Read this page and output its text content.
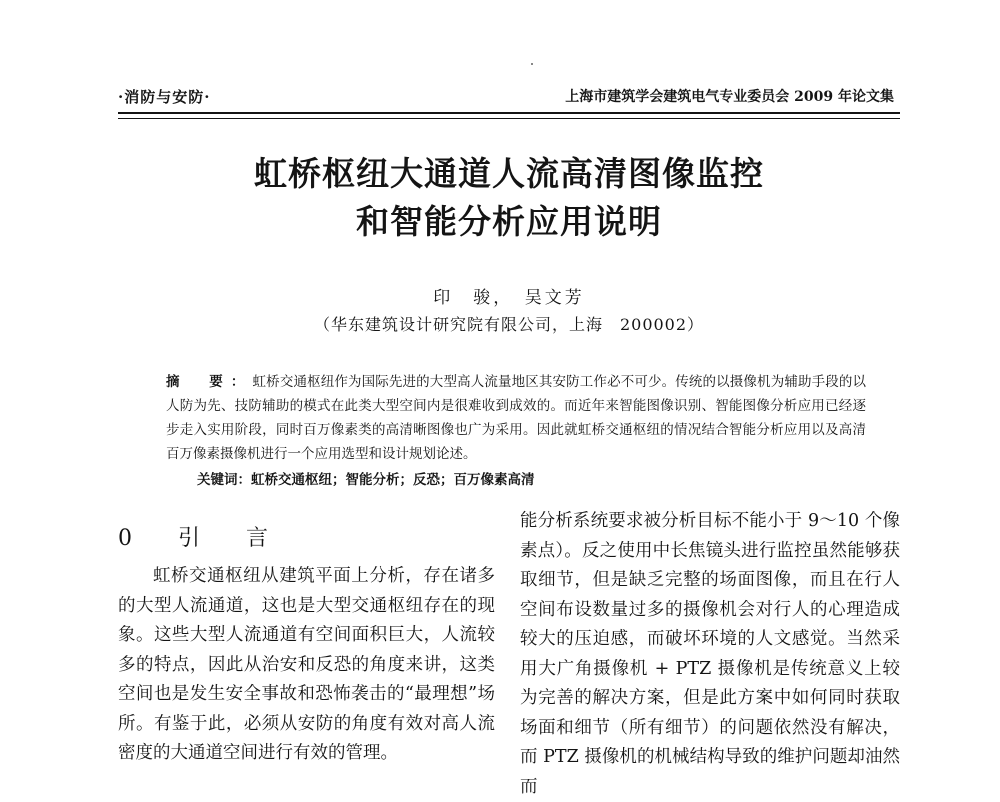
·消防与安防·	上海市建筑学会建筑电气专业委员会 2009 年论文集
虹桥枢纽大通道人流高清图像监控
和智能分析应用说明
印　骏，　吴文芳
（华东建筑设计研究院有限公司，上海　200002）
摘　要：虹桥交通枢纽作为国际先进的大型高人流量地区其安防工作必不可少。传统的以摄像机为辅助手段的以人防为先、技防辅助的模式在此类大型空间内是很难收到成效的。而近年来智能图像识别、智能图像分析应用已经逐步走入实用阶段，同时百万像素类的高清晰图像也广为采用。因此就虹桥交通枢纽的情况结合智能分析应用以及高清百万像素摄像机进行一个应用选型和设计规划论述。
关键词：虹桥交通枢纽；智能分析；反恐；百万像素高清
0　引　言

虹桥交通枢纽从建筑平面上分析，存在诸多的大型人流通道，这也是大型交通枢纽存在的现象。这些大型人流通道有空间面积巨大，人流较多的特点，因此从治安和反恐的角度来讲，这类空间也是发生安全事故和恐怖袭击的“最理想”场所。有鉴于此，必须从安防的角度有效对高人流密度的大通道空间进行有效的管理。

能分析系统要求被分析目标不能小于 9～10 个像素点）。反之使用中长焦镜头进行监控虽然能够获取细节，但是缺乏完整的场面图像，而且在行人空间布设数量过多的摄像机会对行人的心理造成较大的压迫感，而破坏环境的人文感觉。当然采用大广角摄像机 + PTZ 摄像机是传统意义上较为完善的解决方案，但是此方案中如何同时获取场面和细节（所有细节）的问题依然没有解决，而 PTZ 摄像机的机械结构导致的维护问题却油然而
